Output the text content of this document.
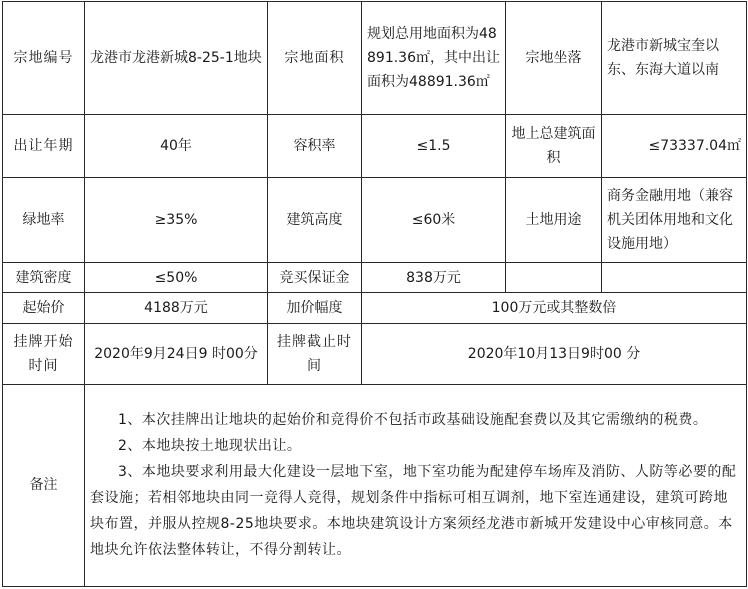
宗地编号	龙港市龙港新城8-25-1地块	宗地面积	规划总用地面积为48891.36㎡，其中出让面积为48891.36㎡	宗地坐落	龙港市新城宝奎以东、东海大道以南
出让年期	40年	容积率	≤1.5	地上总建筑面积	≤73337.04㎡
绿地率	≥35%	建筑高度	≤60米	土地用途	商务金融用地（兼容机关团体用地和文化设施用地）
建筑密度	≤50%	竞买保证金	838万元		
起始价	4188万元	加价幅度	100万元或其整数倍		
挂牌开始时间	2020年9月24日9 时00分	挂牌截止时间	2020年10月13日9时00 分		
备注	1、本次挂牌出让地块的起始价和竞得价不包括市政基础设施配套费以及其它需缴纳的税费。

2、本地块按土地现状出让。

3、本地块要求利用最大化建设一层地下室，地下室功能为配建停车场库及消防、人防等必要的配套设施；若相邻地块由同一竞得人竞得，规划条件中指标可相互调剂，地下室连通建设，建筑可跨地块布置，并服从控规8-25地块要求。本地块建筑设计方案须经龙港市新城开发建设中心审核同意。本地块允许依法整体转让，不得分割转让。				
